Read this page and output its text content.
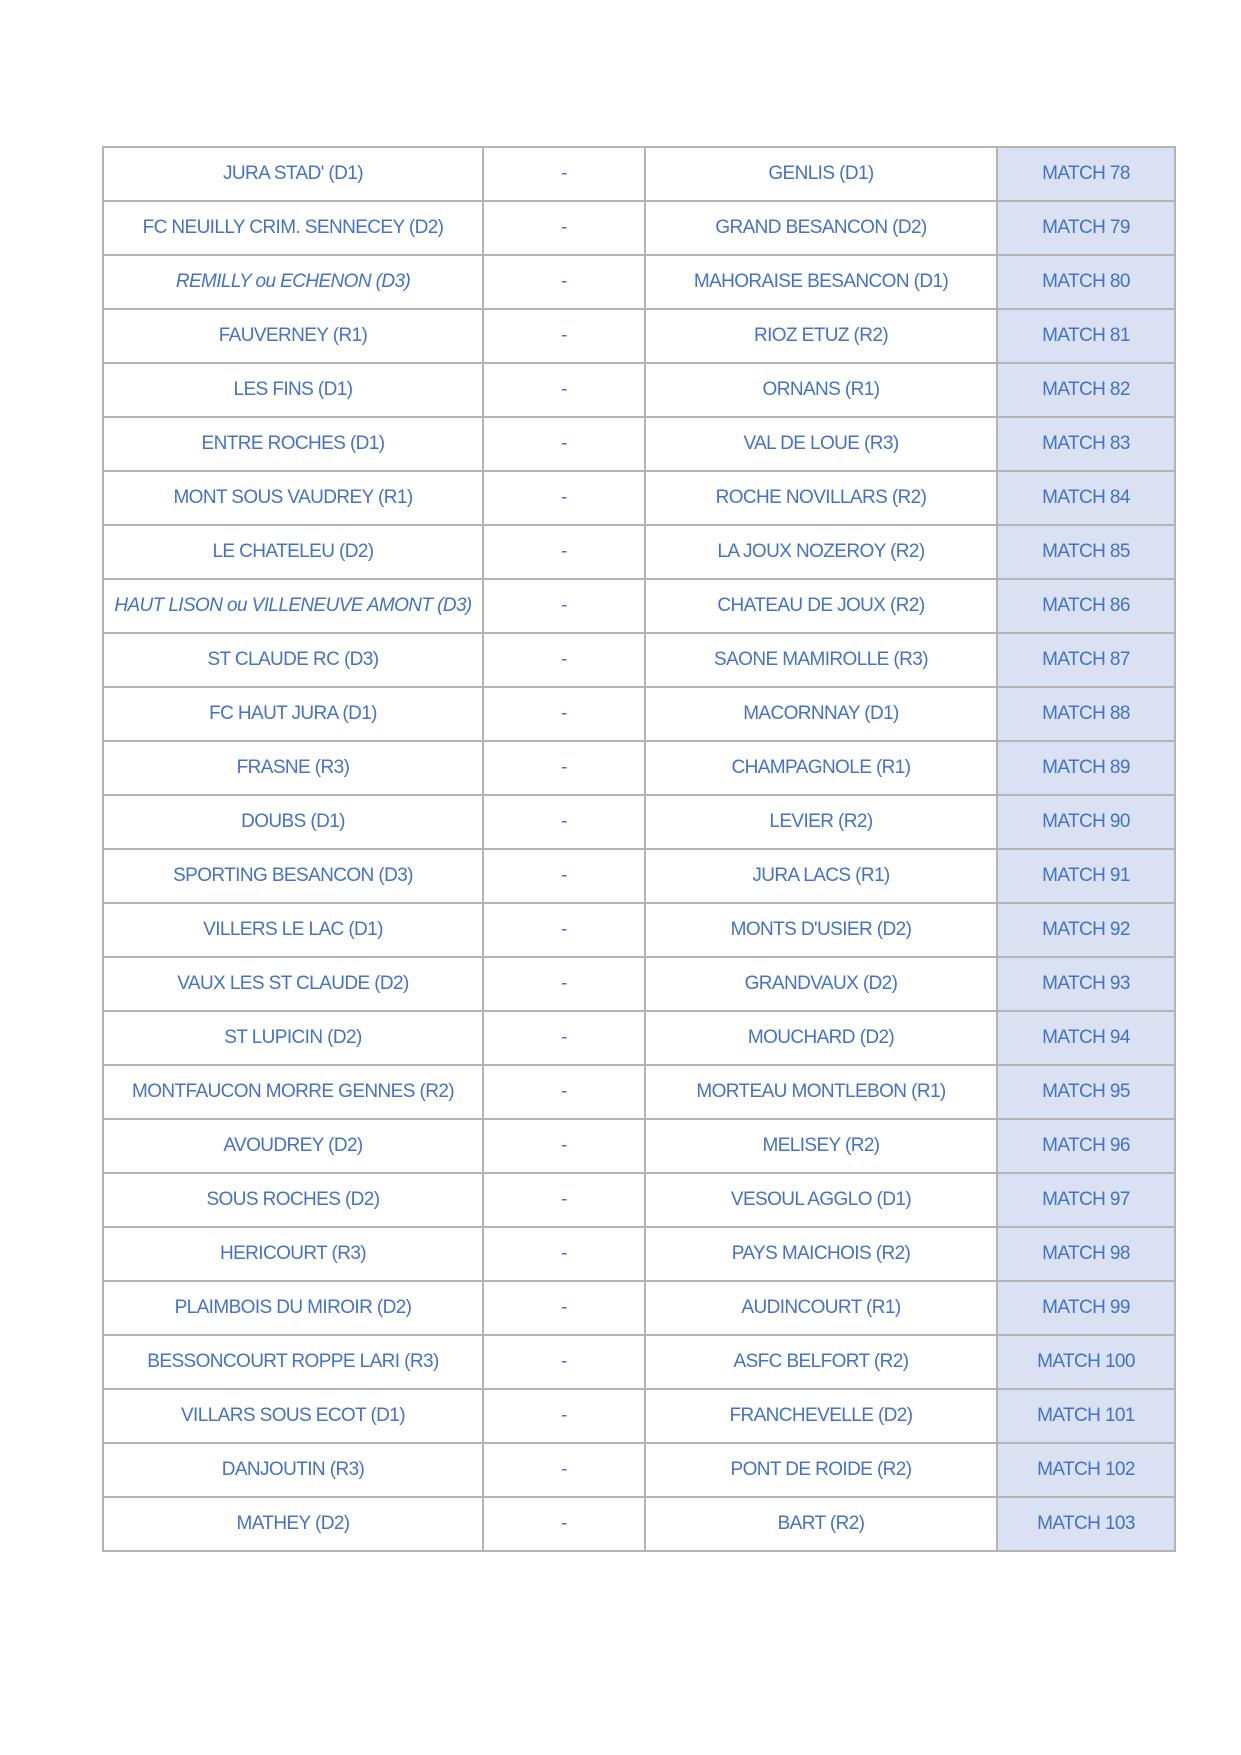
JURA STAD' (D1)	-	GENLIS (D1)	MATCH 78
FC NEUILLY CRIM. SENNECEY (D2)	-	GRAND BESANCON (D2)	MATCH 79
REMILLY ou ECHENON (D3)	-	MAHORAISE BESANCON (D1)	MATCH 80
FAUVERNEY (R1)	-	RIOZ ETUZ (R2)	MATCH 81
LES FINS (D1)	-	ORNANS (R1)	MATCH 82
ENTRE ROCHES (D1)	-	VAL DE LOUE (R3)	MATCH 83
MONT SOUS VAUDREY (R1)	-	ROCHE NOVILLARS (R2)	MATCH 84
LE CHATELEU (D2)	-	LA JOUX NOZEROY (R2)	MATCH 85
HAUT LISON ou VILLENEUVE AMONT (D3)	-	CHATEAU DE JOUX (R2)	MATCH 86
ST CLAUDE RC (D3)	-	SAONE MAMIROLLE (R3)	MATCH 87
FC HAUT JURA (D1)	-	MACORNNAY (D1)	MATCH 88
FRASNE (R3)	-	CHAMPAGNOLE (R1)	MATCH 89
DOUBS (D1)	-	LEVIER (R2)	MATCH 90
SPORTING BESANCON (D3)	-	JURA LACS (R1)	MATCH 91
VILLERS LE LAC (D1)	-	MONTS D'USIER (D2)	MATCH 92
VAUX LES ST CLAUDE (D2)	-	GRANDVAUX (D2)	MATCH 93
ST LUPICIN (D2)	-	MOUCHARD (D2)	MATCH 94
MONTFAUCON MORRE GENNES (R2)	-	MORTEAU MONTLEBON (R1)	MATCH 95
AVOUDREY (D2)	-	MELISEY (R2)	MATCH 96
SOUS ROCHES (D2)	-	VESOUL AGGLO (D1)	MATCH 97
HERICOURT (R3)	-	PAYS MAICHOIS (R2)	MATCH 98
PLAIMBOIS DU MIROIR (D2)	-	AUDINCOURT (R1)	MATCH 99
BESSONCOURT ROPPE LARI (R3)	-	ASFC BELFORT (R2)	MATCH 100
VILLARS SOUS ECOT (D1)	-	FRANCHEVELLE (D2)	MATCH 101
DANJOUTIN (R3)	-	PONT DE ROIDE (R2)	MATCH 102
MATHEY (D2)	-	BART (R2)	MATCH 103
